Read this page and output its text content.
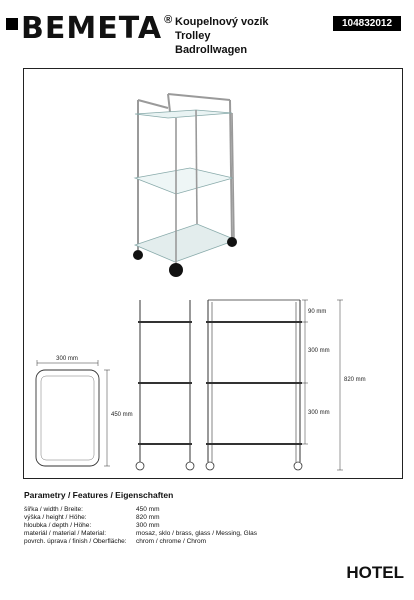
BEMETA ® Koupelnový vozík
Trolley
Badrollwagen
104832012
300 mm
450 mm
90 mm
300 mm
300 mm
820 mm
Parametry / Features / Eigenschaften
šířka / width / Breite:	450 mm
výška / height / Höhe:	820 mm
hloubka / depth / Höhe:	300 mm
materiál / material / Material:	mosaz, sklo / brass, glass / Messing, Glas
povrch. úprava / finish / Oberfläche:	chrom / chrome / Chrom
HOTEL
